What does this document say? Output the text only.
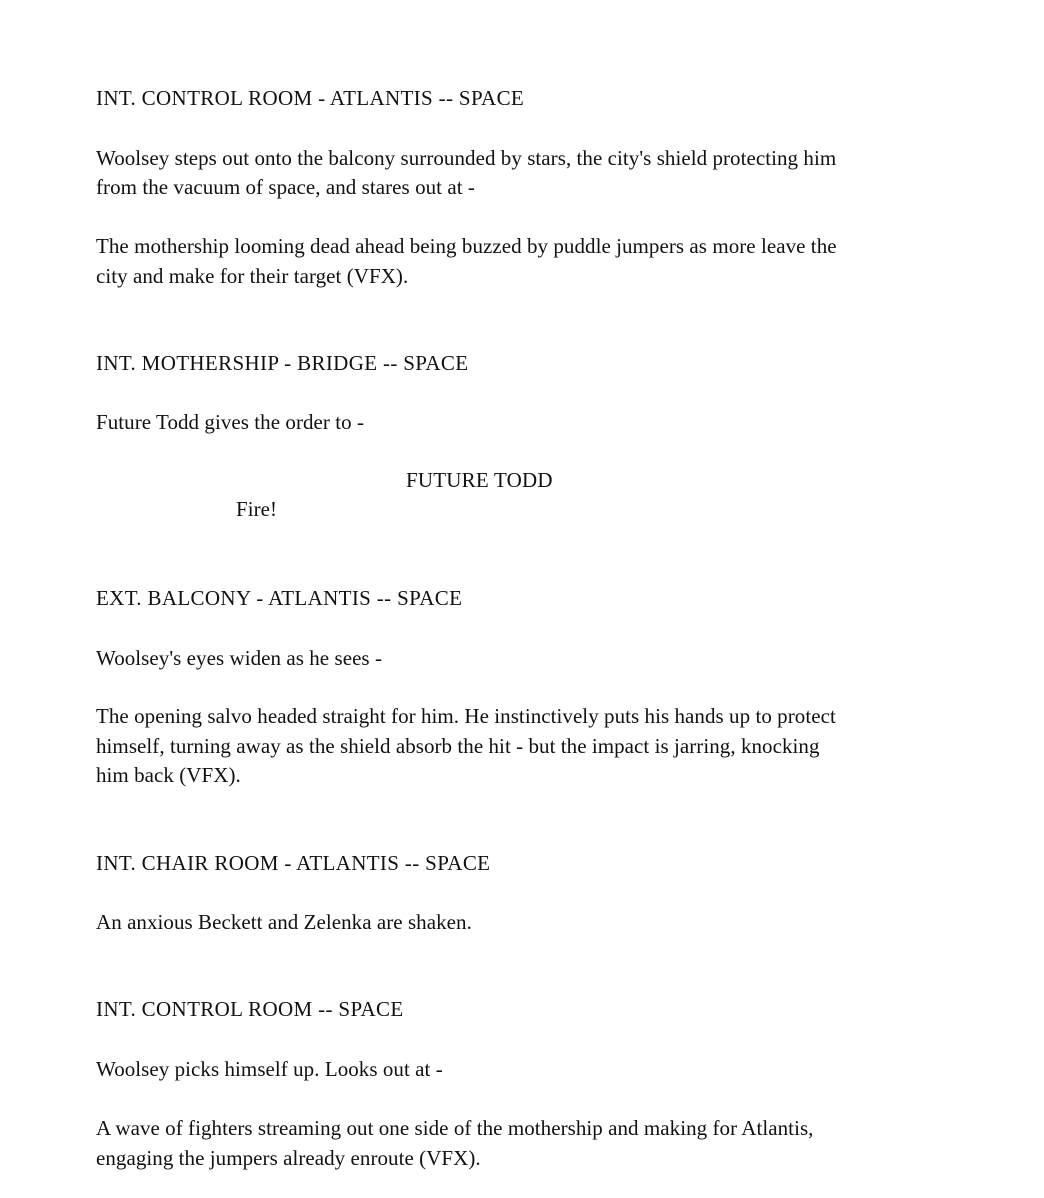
INT. CONTROL ROOM - ATLANTIS -- SPACE
Woolsey steps out onto the balcony surrounded by stars, the city's shield protecting him
from the vacuum of space, and stares out at -
The mothership looming dead ahead being buzzed by puddle jumpers as more leave the
city and make for their target (VFX).
INT. MOTHERSHIP - BRIDGE -- SPACE
Future Todd gives the order to -
FUTURE TODD
Fire!
EXT. BALCONY - ATLANTIS -- SPACE
Woolsey's eyes widen as he sees -
The opening salvo headed straight for him. He instinctively puts his hands up to protect
himself, turning away as the shield absorb the hit - but the impact is jarring, knocking
him back (VFX).
INT. CHAIR ROOM - ATLANTIS -- SPACE
An anxious Beckett and Zelenka are shaken.
INT. CONTROL ROOM -- SPACE
Woolsey picks himself up. Looks out at -
A wave of fighters streaming out one side of the mothership and making for Atlantis,
engaging the jumpers already enroute (VFX).
